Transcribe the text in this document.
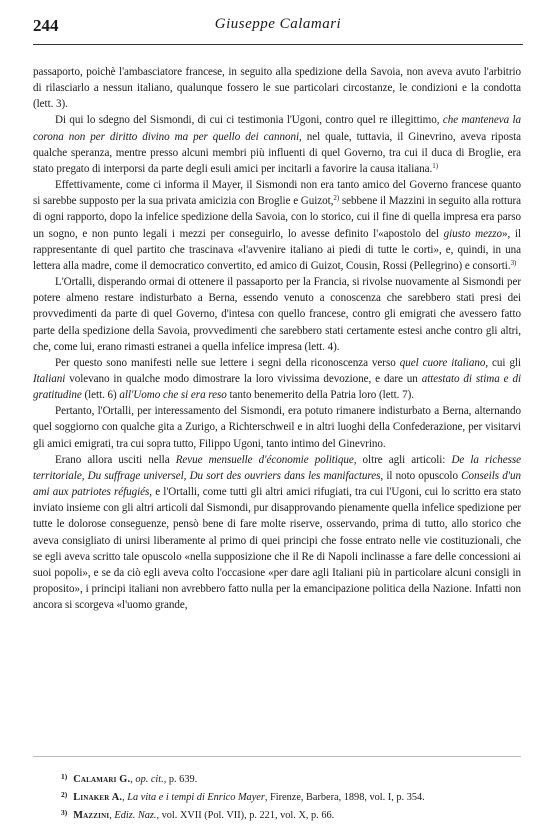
244	Giuseppe Calamari

passaporto, poichè l'ambasciatore francese, in seguito alla spedizione della Savoia, non aveva avuto l'arbitrio di rilasciarlo a nessun italiano, qualunque fossero le sue particolari circostanze, le condizioni e la condotta (lett. 3).

Di qui lo sdegno del Sismondi, di cui ci testimonia l'Ugoni, contro quel re illegittimo, che manteneva la corona non per diritto divino ma per quello dei cannoni, nel quale, tuttavia, il Ginevrino, aveva riposta qualche speranza, mentre presso alcuni membri più influenti di quel Governo, tra cui il duca di Broglie, era stato pregato di interporsi da parte degli esuli amici per incitarli a favorire la causa italiana.$^{1)}$

Effettivamente, come ci informa il Mayer, il Sismondi non era tanto amico del Governo francese quanto si sarebbe supposto per la sua privata amicizia con Broglie e Guizot,$^{2)}$ sebbene il Mazzini in seguito alla rottura di ogni rapporto, dopo la infelice spedizione della Savoia, con lo storico, cui il fine di quella impresa era parso un sogno, e non punto legali i mezzi per conseguirlo, lo avesse definito l'«apostolo del giusto mezzo», il rappresentante di quel partito che trascinava «l'avvenire italiano ai piedi di tutte le corti», e, quindi, in una lettera alla madre, come il democratico convertito, ed amico di Guizot, Cousin, Rossi (Pellegrino) e consorti.$^{3)}$

L'Ortalli, disperando ormai di ottenere il passaporto per la Francia, si rivolse nuovamente al Sismondi per potere almeno restare indisturbato a Berna, essendo venuto a conoscenza che sarebbero stati presi dei provvedimenti da parte di quel Governo, d'intesa con quello francese, contro gli emigrati che avessero fatto parte della spedizione della Savoia, provvedimenti che sarebbero stati certamente estesi anche contro gli altri, che, come lui, erano rimasti estranei a quella infelice impresa (lett. 4).

Per questo sono manifesti nelle sue lettere i segni della riconoscenza verso quel cuore italiano, cui gli Italiani volevano in qualche modo dimostrare la loro vivissima devozione, e dare un attestato di stima e di gratitudine (lett. 6) all'Uomo che si era reso tanto benemerito della Patria loro (lett. 7).

Pertanto, l'Ortalli, per interessamento del Sismondi, era potuto rimanere indisturbato a Berna, alternando quel soggiorno con qualche gita a Zurigo, a Richterschweil e in altri luoghi della Confederazione, per visitarvi gli amici emigrati, tra cui sopra tutto, Filippo Ugoni, tanto intimo del Ginevrino.

Erano allora usciti nella Revue mensuelle d'économie politique, oltre agli articoli: De la richesse territoriale, Du suffrage universel, Du sort des ouvriers dans les manifactures, il noto opuscolo Conseils d'un ami aux patriotes réfugiés, e l'Ortalli, come tutti gli altri amici rifugiati, tra cui l'Ugoni, cui lo scritto era stato inviato insieme con gli altri articoli dal Sismondi, pur disapprovando pienamente quella infelice spedizione per tutte le dolorose conseguenze, pensò bene di fare molte riserve, osservando, prima di tutto, allo storico che aveva consigliato di unirsi liberamente al primo di quei principi che fosse entrato nelle vie costituzionali, che se egli aveva scritto tale opuscolo «nella supposizione che il Re di Napoli inclinasse a fare delle concessioni ai suoi popoli», e se da ciò egli aveva colto l'occasione «per dare agli Italiani più in particolare alcuni consigli in proposito», i principi italiani non avrebbero fatto nulla per la emancipazione politica della Nazione. Infatti non ancora si scorgeva «l'uomo grande,

$^{1)}$ Calamari G., op. cit., p. 639.

$^{2)}$ Linaker A., La vita e i tempi di Enrico Mayer, Firenze, Barbera, 1898, vol. I, p. 354.

$^{3)}$ Mazzini, Ediz. Naz., vol. XVII (Pol. VII), p. 221, vol. X, p. 66.
